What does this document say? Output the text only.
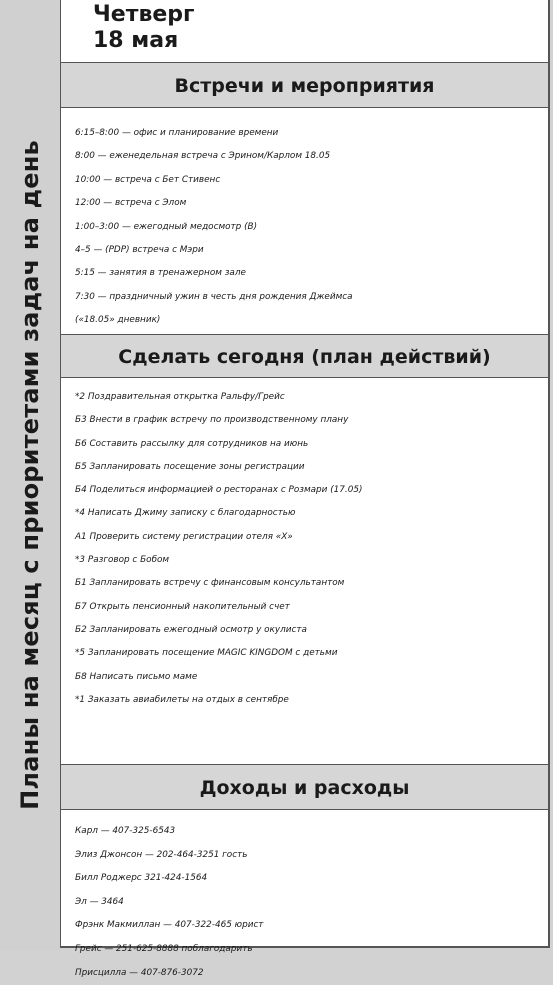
Планы на месяц с приоритетами задач на день
Четверг
18 мая
Встречи и мероприятия
6:15–8:00 — офис и планирование времени
8:00 — еженедельная встреча с Эрином/Карлом 18.05
10:00 — встреча с Бет Стивенс
12:00 — встреча с Элом
1:00–3:00 — ежегодный медосмотр (В)
4–5 — (PDP) встреча с Мэри
5:15 — занятия в тренажерном зале
7:30 — праздничный ужин в честь дня рождения Джеймса
(«18.05» дневник)
Сделать сегодня (план действий)
*2 Поздравительная открытка Ральфу/Грейс
Б3 Внести в график встречу по производственному плану
Б6 Составить рассылку для сотрудников на июнь
Б5 Запланировать посещение зоны регистрации
Б4 Поделиться информацией о ресторанах с Розмари (17.05)
*4 Написать Джиму записку с благодарностью
А1 Проверить систему регистрации отеля «Х»
*3 Разговор с Бобом
Б1 Запланировать встречу с финансовым консультантом
Б7 Открыть пенсионный накопительный счет
Б2 Запланировать ежегодный осмотр у окулиста
*5 Запланировать посещение MAGIC KINGDOM с детьми
Б8 Написать письмо маме
*1 Заказать авиабилеты на отдых в сентябре
Доходы и расходы
Карл — 407-325-6543
Элиз Джонсон — 202-464-3251 гость
Билл Роджерс 321-424-1564
Эл — 3464
Фрэнк Макмиллан — 407-322-465 юрист
Грейс — 251-625-8888 поблагодарить
Присцилла — 407-876-3072
